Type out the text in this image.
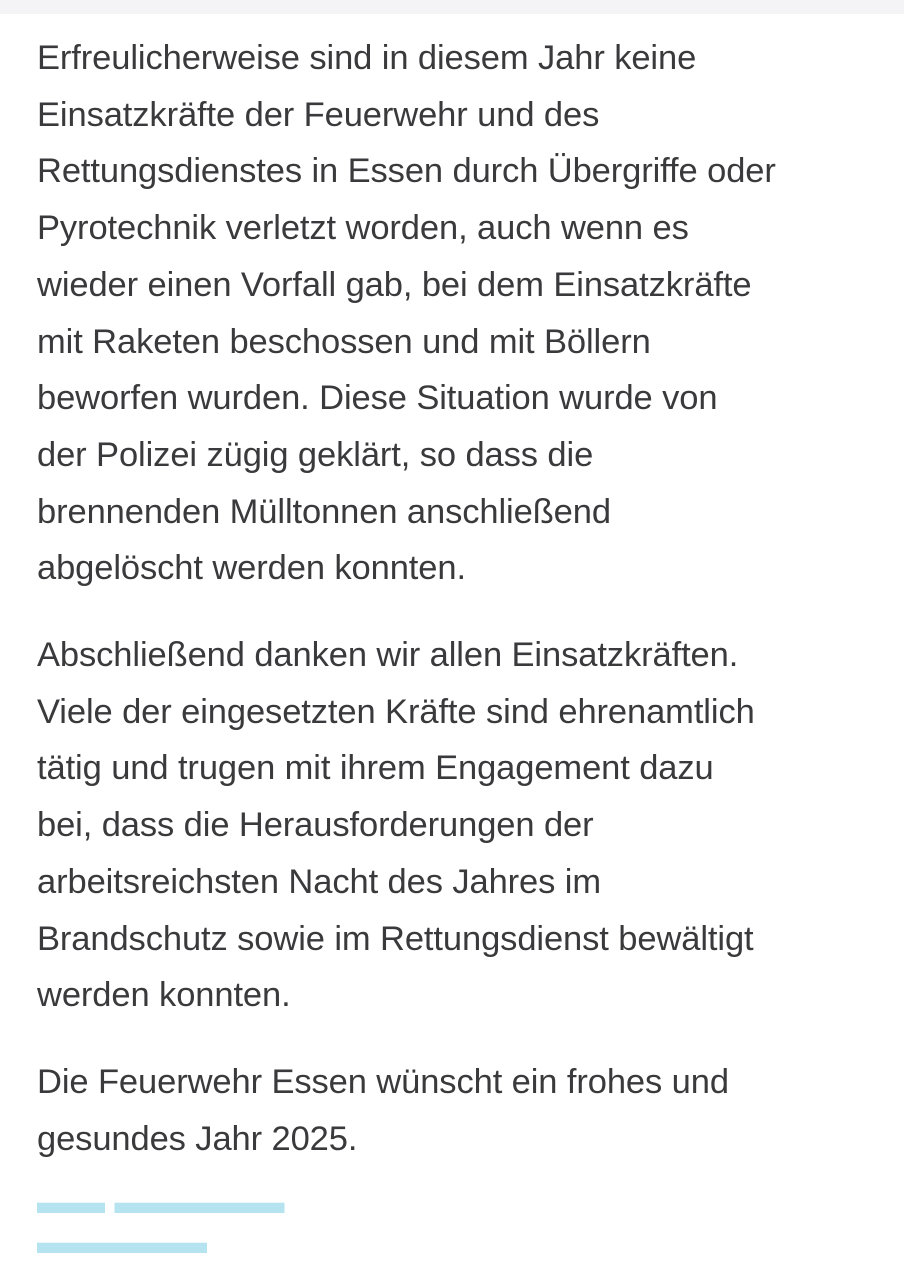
Erfreulicherweise sind in diesem Jahr keine
Einsatzkräfte der Feuerwehr und des
Rettungsdienstes in Essen durch Übergriffe oder
Pyrotechnik verletzt worden, auch wenn es
wieder einen Vorfall gab, bei dem Einsatzkräfte
mit Raketen beschossen und mit Böllern
beworfen wurden. Diese Situation wurde von
der Polizei zügig geklärt, so dass die
brennenden Mülltonnen anschließend
abgelöscht werden konnten.

Abschließend danken wir allen Einsatzkräften.
Viele der eingesetzten Kräfte sind ehrenamtlich
tätig und trugen mit ihrem Engagement dazu
bei, dass die Herausforderungen der
arbeitsreichsten Nacht des Jahres im
Brandschutz sowie im Rettungsdienst bewältigt
werden konnten.

Die Feuerwehr Essen wünscht ein frohes und
gesundes Jahr 2025.

▬▬ ▬▬▬▬▬ ▬▬▬▬▬
